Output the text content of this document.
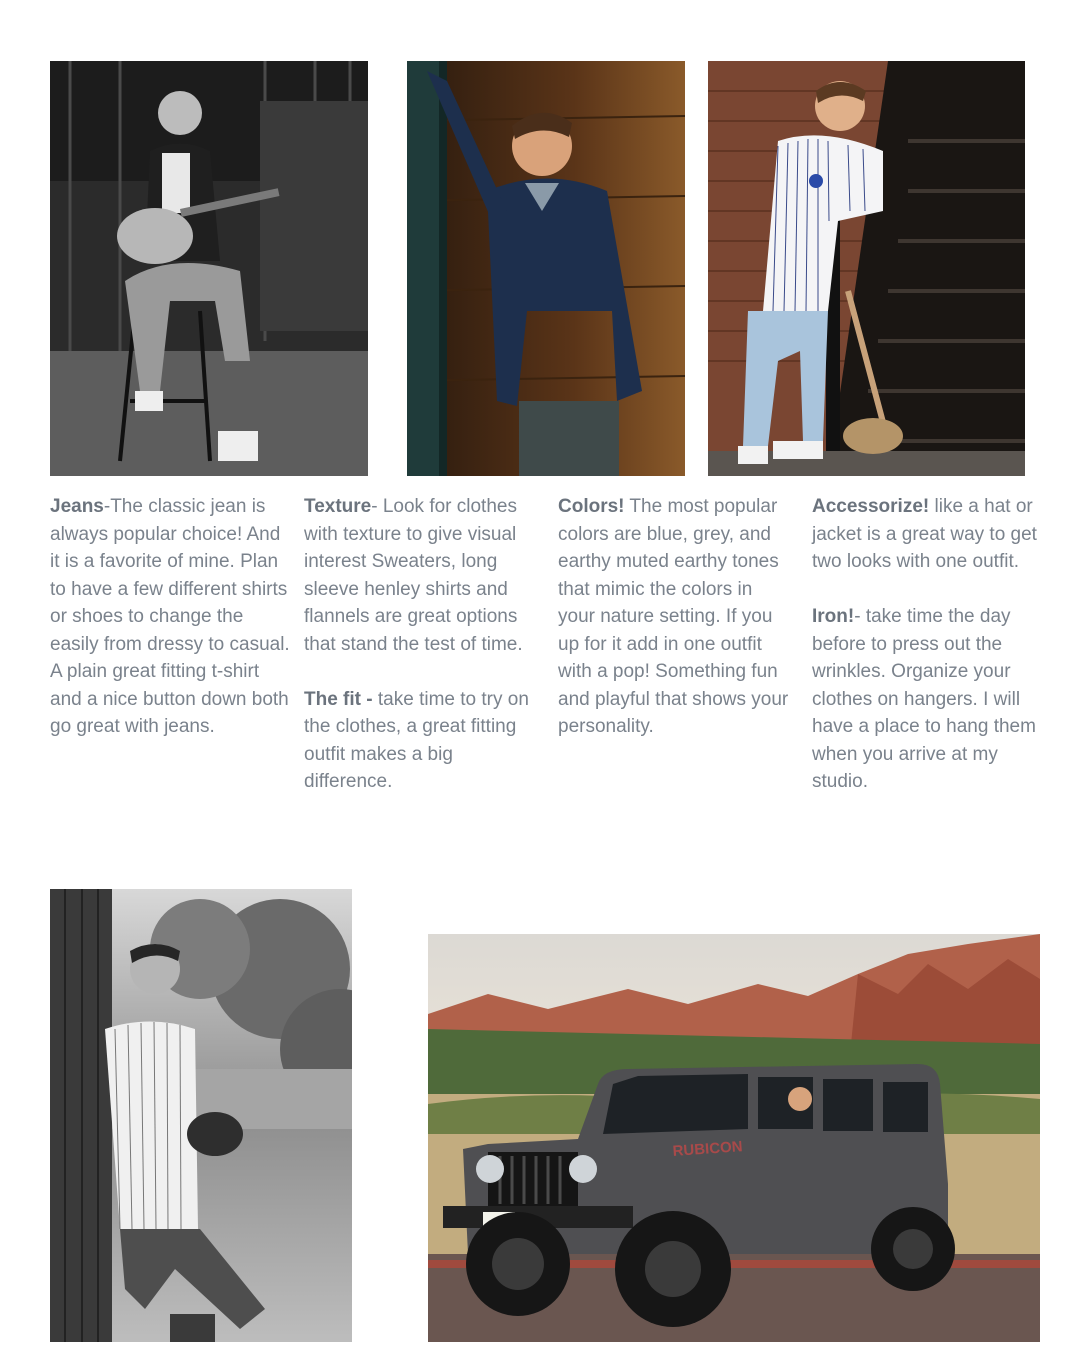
Jeans-The classic jean is always popular choice! And it is a favorite of mine. Plan to have a few different shirts or shoes to change the easily from dressy to casual. A plain great fitting t-shirt and a nice button down both go great with jeans.

Texture- Look for clothes with texture to give visual interest Sweaters, long sleeve henley shirts and flannels are great options that stand the test of time.

The fit - take time to try on the clothes, a great fitting outfit makes a big difference.

Colors! The most popular colors are blue, grey, and earthy muted earthy tones that mimic the colors in your nature setting. If you up for it add in one outfit with a pop! Something fun and playful that shows your personality.

Accessorize! like a hat or jacket is a great way to get two looks with one outfit.

Iron!- take time the day before to press out the wrinkles. Organize your clothes on hangers. I will have a place to hang them when you arrive at my studio.

RUBICON
